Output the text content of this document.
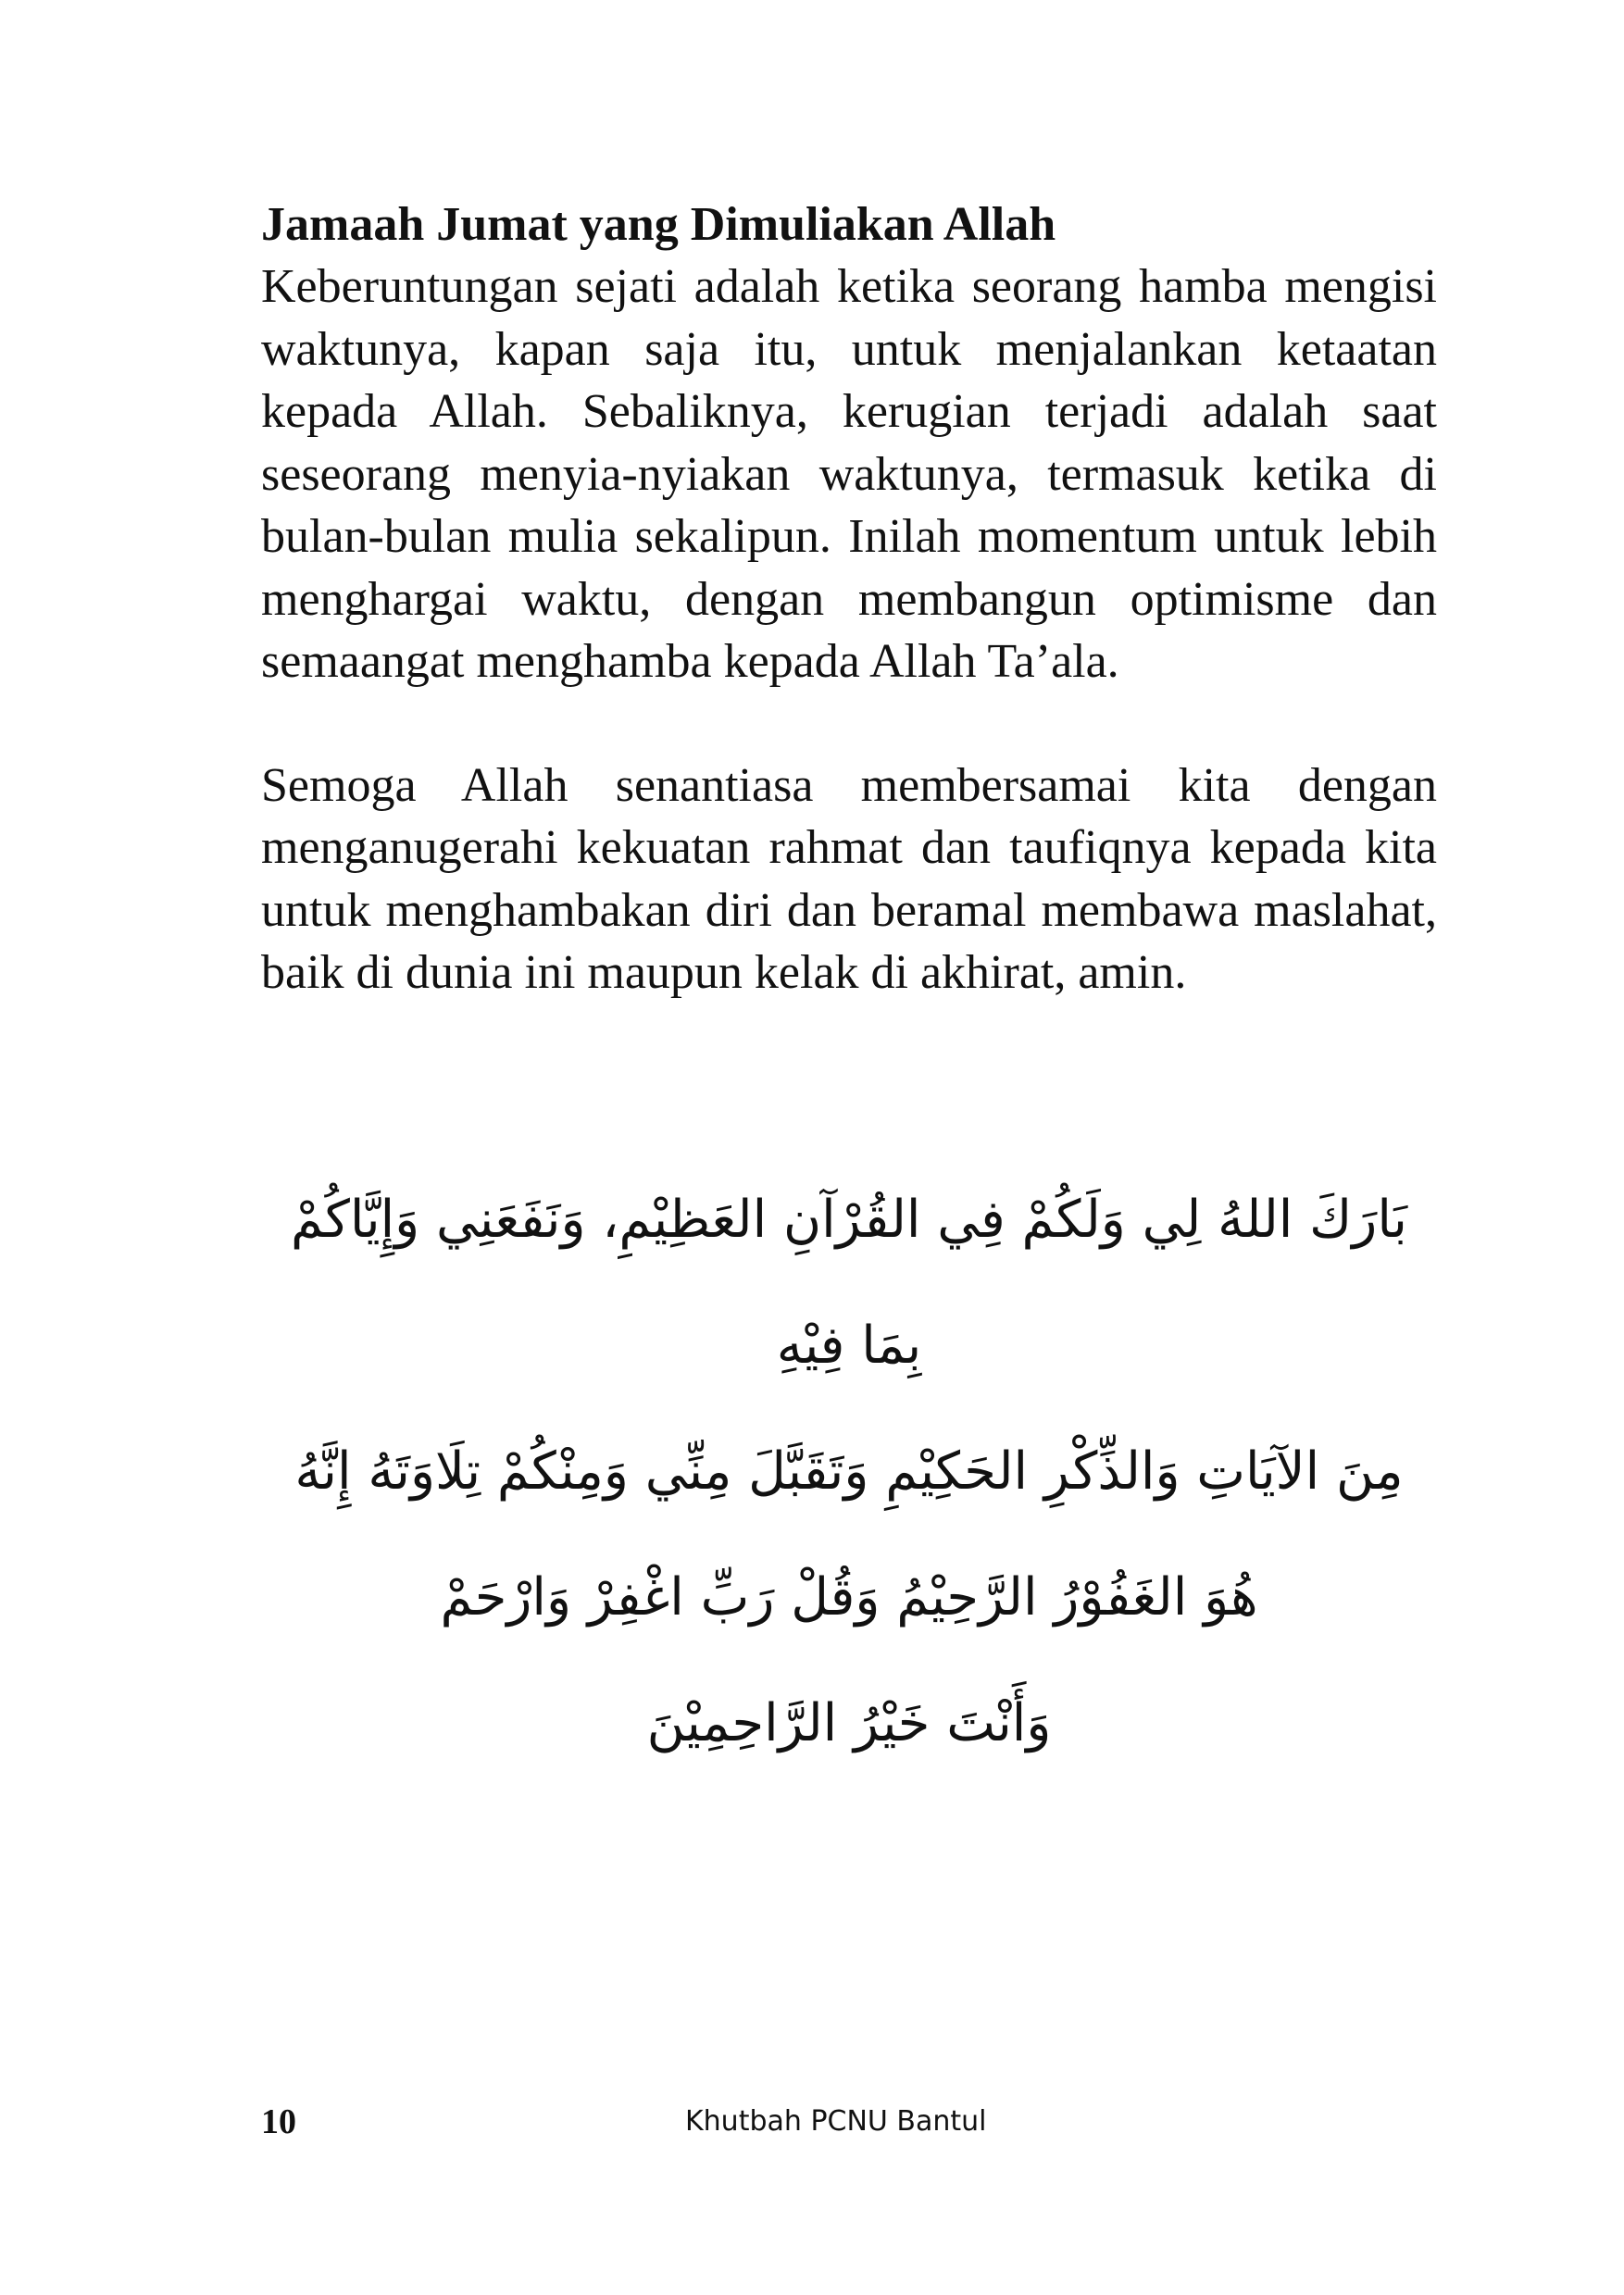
Jamaah Jumat yang Dimuliakan Allah

Keberuntungan sejati adalah ketika seorang hamba mengisi waktunya, kapan saja itu, untuk menjalankan ketaatan kepada Allah. Sebaliknya, kerugian terjadi adalah saat seseorang menyia-nyiakan waktunya, termasuk ketika di bulan-bulan mulia sekalipun. Inilah momentum untuk lebih menghargai waktu, dengan membangun optimisme dan semaangat menghamba kepada Allah Ta’ala.

Semoga Allah senantiasa membersamai kita dengan menganugerahi kekuatan rahmat dan taufiqnya kepada kita untuk menghambakan diri dan beramal membawa maslahat, baik di dunia ini maupun kelak di akhirat, amin.

بَارَكَ اللهُ لِي وَلَكُمْ فِي القُرْآنِ العَظِيْمِ، وَنَفَعَنِي وَإِيَّاكُمْ بِمَا فِيْهِ
مِنَ الآيَاتِ وَالذِّكْرِ الحَكِيْمِ وَتَقَبَّلَ مِنِّي وَمِنْكُمْ تِلَاوَتَهُ إِنَّهُ
هُوَ الغَفُوْرُ الرَّحِيْمُ وَقُلْ رَبِّ اغْفِرْ وَارْحَمْ
وَأَنْتَ خَيْرُ الرَّاحِمِيْنَ
10	Khutbah PCNU Bantul
